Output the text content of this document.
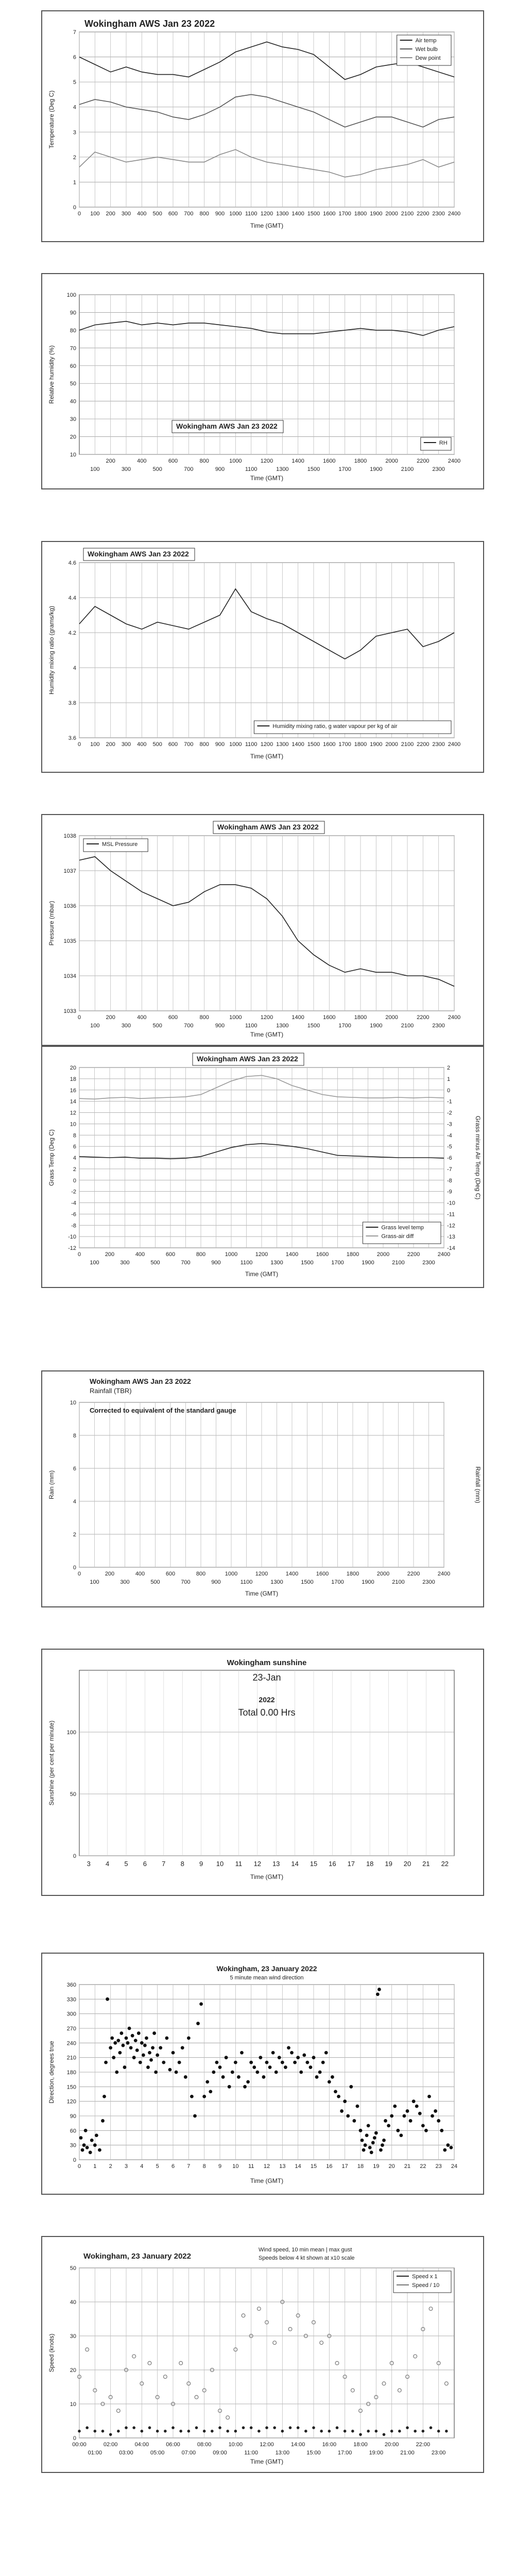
0
1
2
3
4
5
6
7
Temperature (Deg C)
Time (GMT)
0 100 200 300 400 500 600 700 800 900 1000 1100 1200 1300 1400 1500 1600 1700 1800 1900 2000 2100 2200 2300 2400
Wokingham AWS Jan 23 2022
Air temp
Wet bulb
Dew point
10
20
30
40
50
60
70
80
90
100
Relative humidity (%)
Time (GMT)
200	400	600	800	1000	1200	1400	1600	1800	2000	2200	2400
100	300	500	700	900	1100	1300	1500	1700	1900	2100	2300
Wokingham AWS Jan 23 2022
RH
3.6
3.8
4
4.2
4.4
4.6
Humidity mixing ratio (grams/kg)
Time (GMT)
0 100 200 300 400 500 600 700 800 900 1000 1100 1200 1300 1400 1500 1600 1700 1800 1900 2000 2100 2200 2300 2400
Wokingham AWS Jan 23 2022
Humidity mixing ratio, g water vapour per kg of air
1033
1034
1035
1036
1037
1038
Pressure (mbar)
Time (GMT)
0	200	400	600	800	1000	1200	1400	1600	1800	2000	2200	2400
100	300	500	700	900	1100	1300	1500	1700	1900	2100	2300
Wokingham AWS Jan 23 2022
MSL Pressure
-12
-10
-8
-6
-4
-2
0
2
4
6
8
10
12
14
16
18
20
-14
-13
-12
-11
-10
-9
-8
-7
-6
-5
-4
-3
-2
-1
0
1
2
Grass Temp (Deg C)	Grass minus Air Temp (Deg C)
Time (GMT)
0	200	400	600	800	1000	1200	1400	1600	1800	2000	2200	2400
100	300	500	700	900	1100	1300	1500	1700	1900	2100	2300
Wokingham AWS Jan 23 2022
Grass level temp
Grass-air diff
0
2
4
6
8
10
Rain (mm)	Rainfall (mm)
Time (GMT)
0	200	400	600	800	1000	1200	1400	1600	1800	2000	2200	2400
100	300	500	700	900	1100	1300	1500	1700	1900	2100	2300
Wokingham AWS Jan 23 2022
Rainfall (TBR)
Corrected to equivalent of the standard gauge
0
50
100
Sunshine (per cent per minute)
Time (GMT)
3 4 5 6 7 8 9 10 11 12 13 14 15 16 17 18 19 20 21 22
Wokingham sunshine
23-Jan
2022
Total 0.00 Hrs
0
30
60
90
120
150
180
210
240
270
300
330
360
Direction, degrees true
Time (GMT)
0 1 2 3 4 5 6 7 8 9 10 11 12 13 14 15 16 17 18 19 20 21 22 23 24
Wokingham, 23 January 2022
5 minute mean wind direction
0
10
20
30
40
50
Speed (knots)
Time (GMT)
00:00	02:00	04:00	06:00	08:00	10:00	12:00	14:00	16:00	18:00	20:00	22:00
01:00	03:00	05:00	07:00	09:00	11:00	13:00	15:00	17:00	19:00	21:00	23:00
Wokingham, 23 January 2022
Wind speed, 10 min mean | max gust
Speeds below 4 kt shown at x10 scale
Speed x 1
Speed / 10
